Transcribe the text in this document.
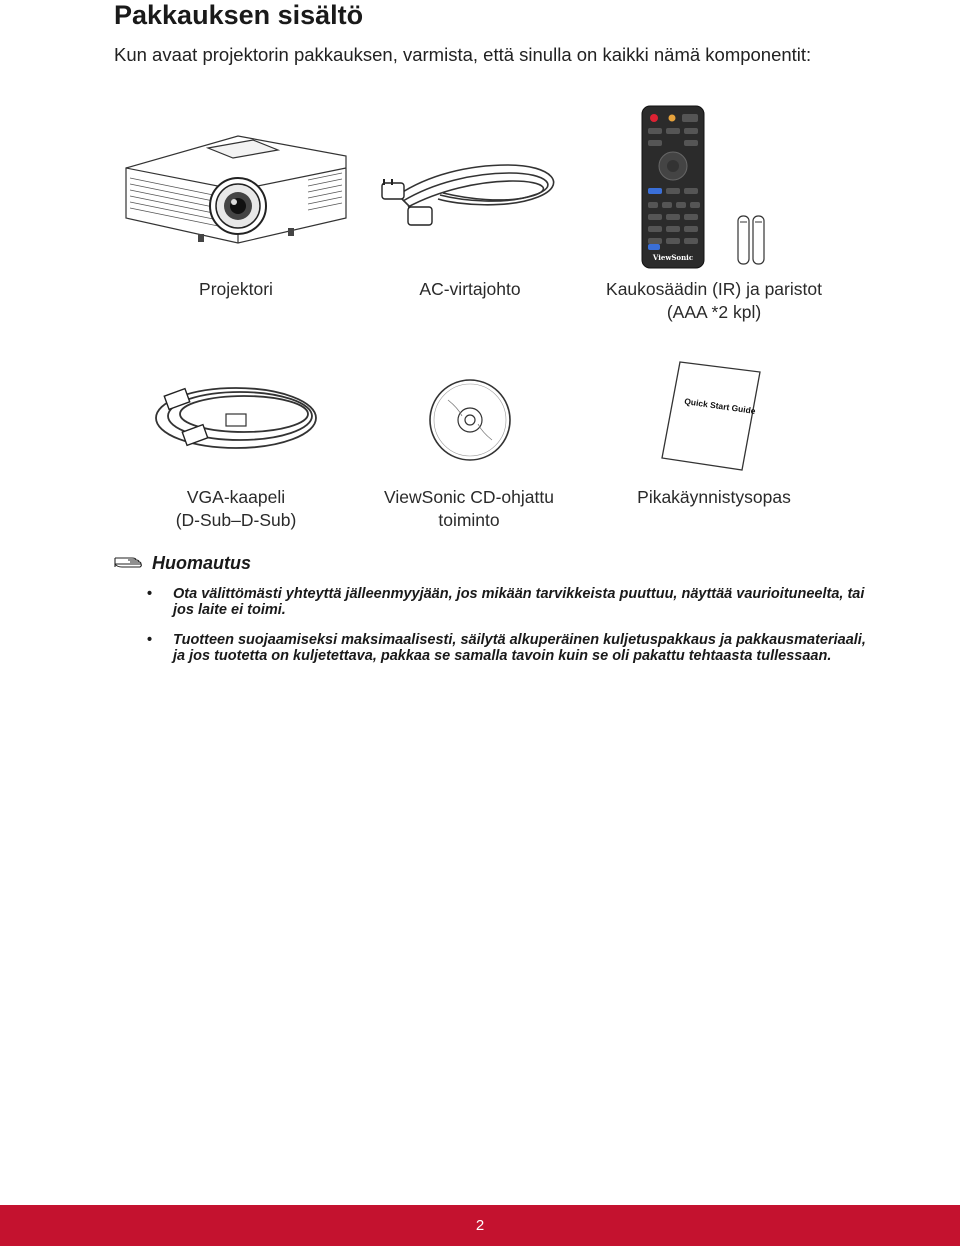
Pakkauksen sisältö
Kun avaat projektorin pakkauksen, varmista, että sinulla on kaikki nämä komponentit:
Projektori	AC-virtajohto
ViewSonic
Kaukosäädin (IR) ja paristot
(AAA *2 kpl)
VGA-kaapeli
(D-Sub–D-Sub)
ViewSonic CD-ohjattu
toiminto
Quick Start Guide
Pikakäynnistysopas
Huomautus
• Ota välittömästi yhteyttä jälleenmyyjään, jos mikään tarvikkeista puuttuu, näyttää vaurioituneelta, tai jos laite ei toimi.
• Tuotteen suojaamiseksi maksimaalisesti, säilytä alkuperäinen kuljetuspakkaus ja pakkausmateriaali, ja jos tuotetta on kuljetettava, pakkaa se samalla tavoin kuin se oli pakattu tehtaasta tullessaan.
2
